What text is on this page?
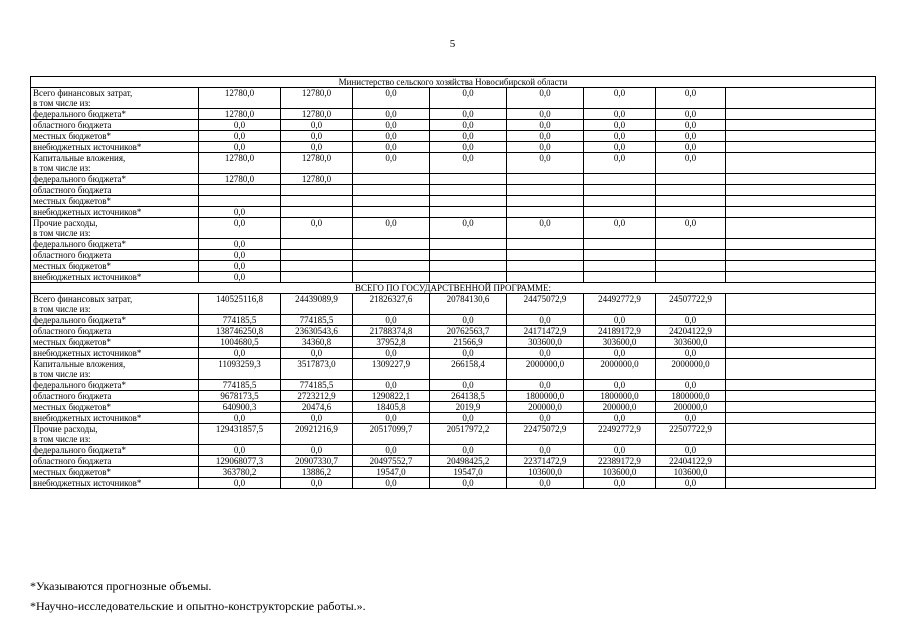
5
Министерство сельского хозяйства Новосибирской области								

Всего финансовых затрат,
в том числе из:	12780,0	12780,0	0,0	0,0	0,0	0,0	0,0	

федерального бюджета*	12780,0	12780,0	0,0	0,0	0,0	0,0	0,0	

областного бюджета	0,0	0,0	0,0	0,0	0,0	0,0	0,0	

местных бюджетов*	0,0	0,0	0,0	0,0	0,0	0,0	0,0	

внебюджетных источников*	0,0	0,0	0,0	0,0	0,0	0,0	0,0	

Капитальные вложения,
в том числе из:	12780,0	12780,0	0,0	0,0	0,0	0,0	0,0	

федерального бюджета*	12780,0	12780,0						

областного бюджета								

местных бюджетов*								

внебюджетных источников*	0,0							

Прочие расходы,
в том числе из:	0,0	0,0	0,0	0,0	0,0	0,0	0,0	

федерального бюджета*	0,0							

областного бюджета	0,0							

местных бюджетов*	0,0							

внебюджетных источников*	0,0							
ВСЕГО ПО ГОСУДАРСТВЕННОЙ ПРОГРАММЕ:								

Всего финансовых затрат,
в том числе из:	140525116,8	24439089,9	21826327,6	20784130,6	24475072,9	24492772,9	24507722,9	

федерального бюджета*	774185,5	774185,5	0,0	0,0	0,0	0,0	0,0	

областного бюджета	138746250,8	23630543,6	21788374,8	20762563,7	24171472,9	24189172,9	24204122,9	

местных бюджетов*	1004680,5	34360,8	37952,8	21566,9	303600,0	303600,0	303600,0	

внебюджетных источников*	0,0	0,0	0,0	0,0	0,0	0,0	0,0	

Капитальные вложения,
в том числе из:	11093259,3	3517873,0	1309227,9	266158,4	2000000,0	2000000,0	2000000,0	

федерального бюджета*	774185,5	774185,5	0,0	0,0	0,0	0,0	0,0	

областного бюджета	9678173,5	2723212,9	1290822,1	264138,5	1800000,0	1800000,0	1800000,0	

местных бюджетов*	640900,3	20474,6	18405,8	2019,9	200000,0	200000,0	200000,0	

внебюджетных источников*	0,0	0,0	0,0	0,0	0,0	0,0	0,0	

Прочие расходы,
в том числе из:	129431857,5	20921216,9	20517099,7	20517972,2	22475072,9	22492772,9	22507722,9	

федерального бюджета*	0,0	0,0	0,0	0,0	0,0	0,0	0,0	

областного бюджета	129068077,3	20907330,7	20497552,7	20498425,2	22371472,9	22389172,9	22404122,9	

местных бюджетов*	363780,2	13886,2	19547,0	19547,0	103600,0	103600,0	103600,0	

внебюджетных источников*	0,0	0,0	0,0	0,0	0,0	0,0	0,0	
*Указываются прогнозные объемы.
*Научно-исследовательские и опытно-конструкторские работы.».
